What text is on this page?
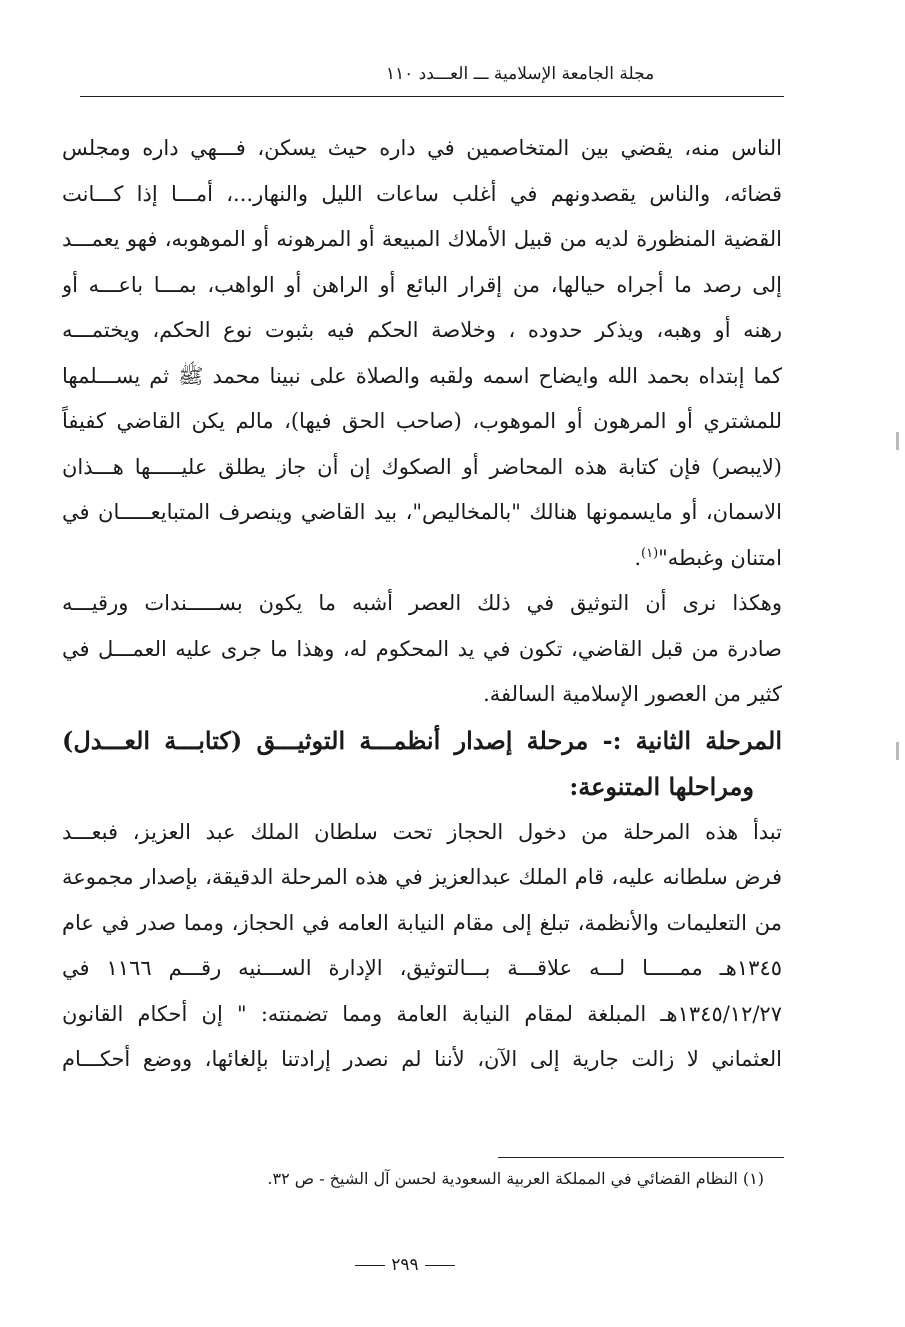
مجلة الجامعة الإسلامية ـــ العـــدد ١١٠
الناس منه، يقضي بين المتخاصمين في داره حيث يسكن، فـــهي داره ومجلس
قضائه، والناس يقصدونهم في أغلب ساعات الليل والنهار...، أمـــا إذا كـــانت
القضية المنظورة لديه من قبيل الأملاك المبيعة أو المرهونه أو الموهوبه، فهو يعمـــد
إلى رصد ما أجراه حيالها، من إقرار البائع أو الراهن أو الواهب، بمـــا باعـــه أو
رهنه أو وهبه، ويذكر حدوده ، وخلاصة الحكم فيه بثبوت نوع الحكم، ويختمـــه
كما إبتداه بحمد الله وايضاح اسمه ولقبه والصلاة على نبينا محمد ﷺ ثم يســـلمها
للمشتري أو المرهون أو الموهوب، (صاحب الحق فيها)، مالم يكن القاضي كفيفاً
(لايبصر) فإن كتابة هذه المحاضر أو الصكوك إن أن جاز يطلق عليـــــها هـــذان
الاسمان، أو مايسمونها هنالك "بالمخاليص"، بيد القاضي وينصرف المتبايعـــــان في
امتنان وغبطه"$^{(١)}$.
وهكذا نرى أن التوثيق في ذلك العصر أشبه ما يكون بســـــندات ورقيـــه
صادرة من قبل القاضي، تكون في يد المحكوم له، وهذا ما جرى عليه العمـــل في
كثير من العصور الإسلامية السالفة.
المرحلة الثانية :- مرحلة إصدار أنظمـــة التوثيـــق (كتابـــة العـــدل)
ومراحلها المتنوعة:
تبدأ هذه المرحلة من دخول الحجاز تحت سلطان الملك عبد العزيز، فبعـــد
فرض سلطانه عليه، قام الملك عبدالعزيز في هذه المرحلة الدقيقة، بإصدار مجموعة
من التعليمات والأنظمة، تبلغ إلى مقام النيابة العامه في الحجاز، ومما صدر في عام
١٣٤٥هـ ممـــــا لـــه علاقـــة بـــالتوثيق، الإدارة الســـنيه رقـــم ١١٦٦ في
١٣٤٥/١٢/٢٧هـ المبلغة لمقام النيابة العامة ومما تضمنته: " إن أحكام القانون
العثماني لا زالت جارية إلى الآن، لأننا لم نصدر إرادتنا بإلغائها، ووضع أحكـــام
(١) النظام القضائي في المملكة العربية السعودية لحسن آل الشيخ - ص ٣٢.
٢٩٩
